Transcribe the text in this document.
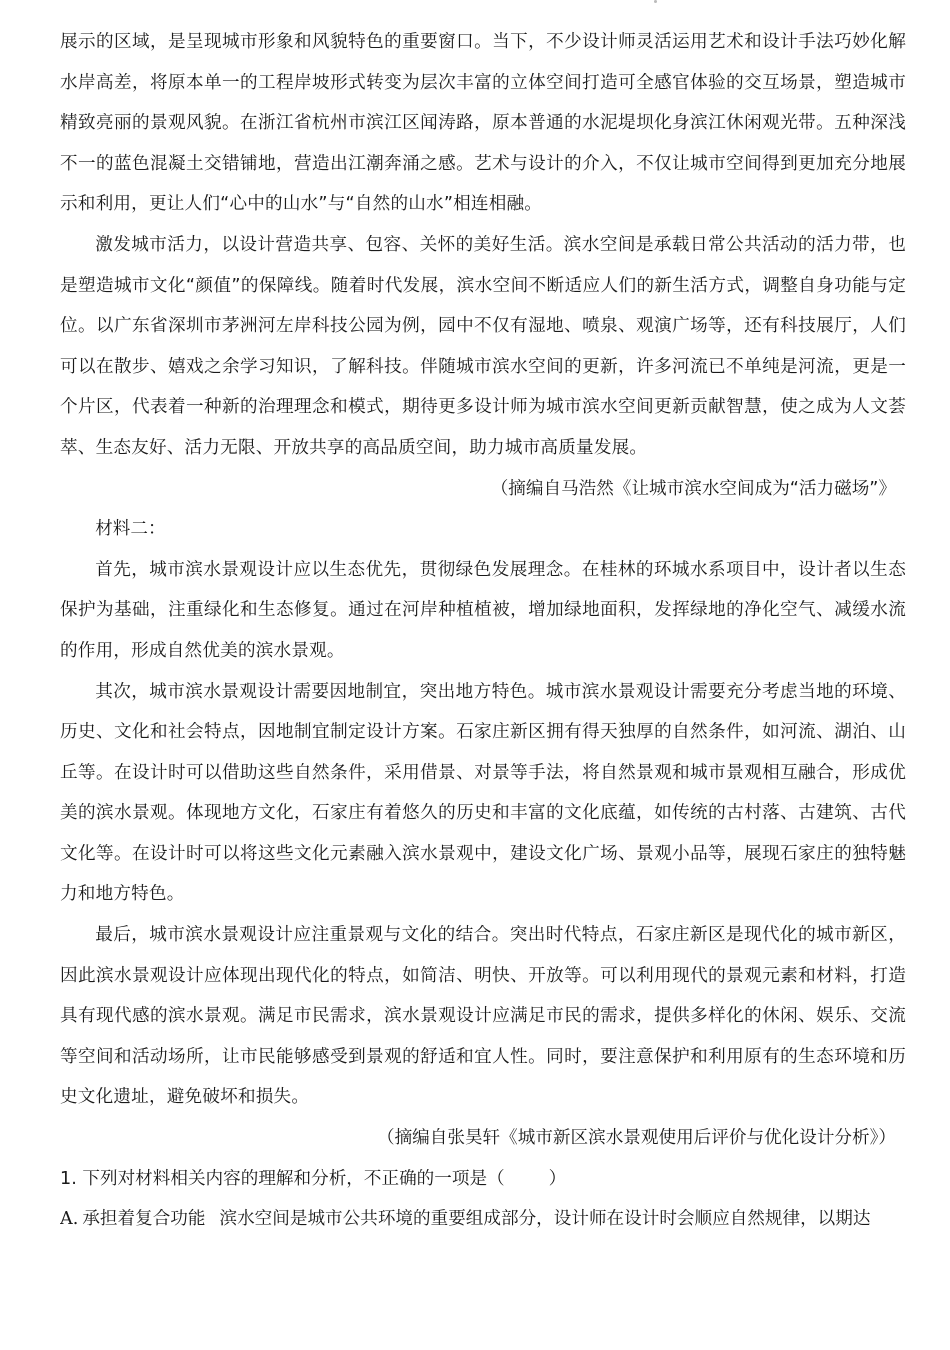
展示的区域，是呈现城市形象和风貌特色的重要窗口。当下，不少设计师灵活运用艺术和设计手法巧妙化解水岸高差，将原本单一的工程岸坡形式转变为层次丰富的立体空间打造可全感官体验的交互场景，塑造城市精致亮丽的景观风貌。在浙江省杭州市滨江区闻涛路，原本普通的水泥堤坝化身滨江休闲观光带。五种深浅不一的蓝色混凝土交错铺地，营造出江潮奔涌之感。艺术与设计的介入，不仅让城市空间得到更加充分地展示和利用，更让人们“心中的山水”与“自然的山水”相连相融。

激发城市活力，以设计营造共享、包容、关怀的美好生活。滨水空间是承载日常公共活动的活力带，也是塑造城市文化“颜值”的保障线。随着时代发展，滨水空间不断适应人们的新生活方式，调整自身功能与定位。以广东省深圳市茅洲河左岸科技公园为例，园中不仅有湿地、喷泉、观演广场等，还有科技展厅，人们可以在散步、嬉戏之余学习知识，了解科技。伴随城市滨水空间的更新，许多河流已不单纯是河流，更是一个片区，代表着一种新的治理理念和模式，期待更多设计师为城市滨水空间更新贡献智慧，使之成为人文荟萃、生态友好、活力无限、开放共享的高品质空间，助力城市高质量发展。

（摘编自马浩然《让城市滨水空间成为“活力磁场”》

材料二：

首先，城市滨水景观设计应以生态优先，贯彻绿色发展理念。在桂林的环城水系项目中，设计者以生态保护为基础，注重绿化和生态修复。通过在河岸种植植被，增加绿地面积，发挥绿地的净化空气、减缓水流的作用，形成自然优美的滨水景观。

其次，城市滨水景观设计需要因地制宜，突出地方特色。城市滨水景观设计需要充分考虑当地的环境、历史、文化和社会特点，因地制宜制定设计方案。石家庄新区拥有得天独厚的自然条件，如河流、湖泊、山丘等。在设计时可以借助这些自然条件，采用借景、对景等手法，将自然景观和城市景观相互融合，形成优美的滨水景观。体现地方文化，石家庄有着悠久的历史和丰富的文化底蕴，如传统的古村落、古建筑、古代文化等。在设计时可以将这些文化元素融入滨水景观中，建设文化广场、景观小品等，展现石家庄的独特魅力和地方特色。

最后，城市滨水景观设计应注重景观与文化的结合。突出时代特点，石家庄新区是现代化的城市新区，因此滨水景观设计应体现出现代化的特点，如简洁、明快、开放等。可以利用现代的景观元素和材料，打造具有现代感的滨水景观。满足市民需求，滨水景观设计应满足市民的需求，提供多样化的休闲、娱乐、交流等空间和活动场所，让市民能够感受到景观的舒适和宜人性。同时，要注意保护和利用原有的生态环境和历史文化遗址，避免破坏和损失。

（摘编自张昊轩《城市新区滨水景观使用后评价与优化设计分析》）

1. 下列对材料相关内容的理解和分析，不正确的一项是（	）

A. 承担着复合功能 滨水空间是城市公共环境的重要组成部分，设计师在设计时会顺应自然规律，以期达
